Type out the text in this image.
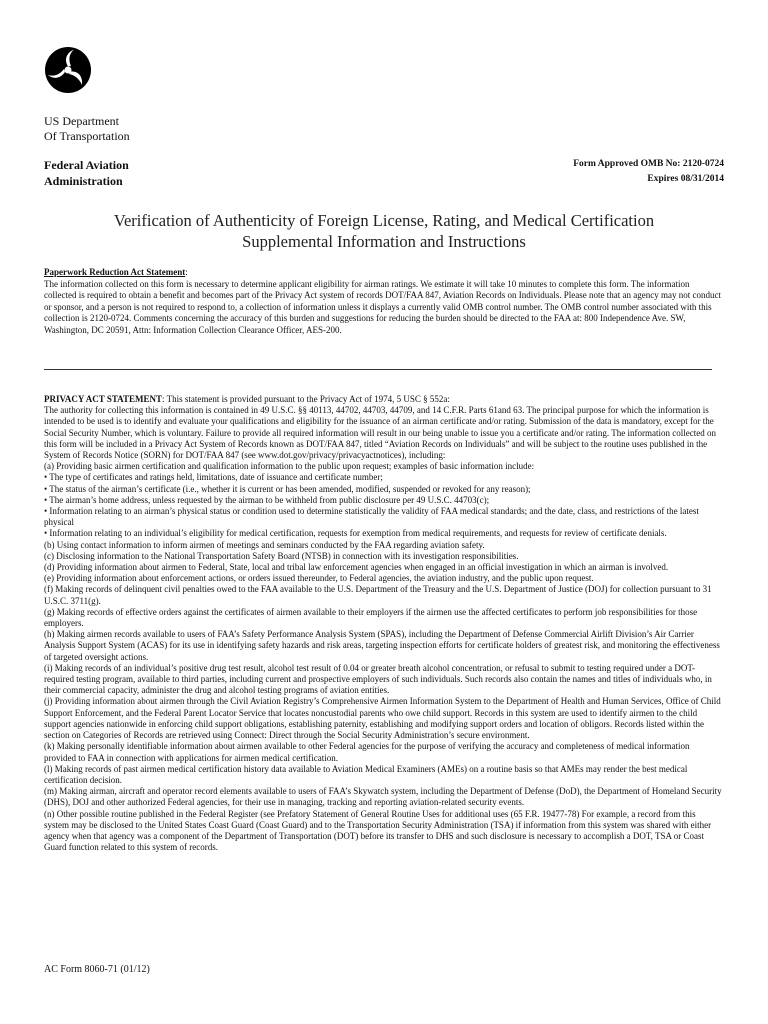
US Department
Of Transportation
Federal Aviation
Administration
Form Approved OMB No: 2120-0724
Expires 08/31/2014
Verification of Authenticity of Foreign License, Rating, and Medical Certification
Supplemental Information and Instructions
Paperwork Reduction Act Statement:
The information collected on this form is necessary to determine applicant eligibility for airman ratings. We estimate it will take 10 minutes to complete this form. The information collected is required to obtain a benefit and becomes part of the Privacy Act system of records DOT/FAA 847, Aviation Records on Individuals. Please note that an agency may not conduct or sponsor, and a person is not required to respond to, a collection of information unless it displays a currently valid OMB control number. The OMB control number associated with this collection is 2120-0724. Comments concerning the accuracy of this burden and suggestions for reducing the burden should be directed to the FAA at: 800 Independence Ave. SW, Washington, DC 20591, Attn: Information Collection Clearance Officer, AES-200.

PRIVACY ACT STATEMENT: This statement is provided pursuant to the Privacy Act of 1974, 5 USC § 552a:

The authority for collecting this information is contained in 49 U.S.C. §§ 40113, 44702, 44703, 44709, and 14 C.F.R. Parts 61and 63. The principal purpose for which the information is intended to be used is to identify and evaluate your qualifications and eligibility for the issuance of an airman certificate and/or rating. Submission of the data is mandatory, except for the Social Security Number, which is voluntary. Failure to provide all required information will result in our being unable to issue you a certificate and/or rating. The information collected on this form will be included in a Privacy Act System of Records known as DOT/FAA 847, titled “Aviation Records on Individuals” and will be subject to the routine uses published in the System of Records Notice (SORN) for DOT/FAA 847 (see www.dot.gov/privacy/privacyactnotices), including:

(a) Providing basic airmen certification and qualification information to the public upon request; examples of basic information include:

• The type of certificates and ratings held, limitations, date of issuance and certificate number;

• The status of the airman’s certificate (i.e., whether it is current or has been amended, modified, suspended or revoked for any reason);

• The airman’s home address, unless requested by the airman to be withheld from public disclosure per 49 U.S.C. 44703(c);

• Information relating to an airman’s physical status or condition used to determine statistically the validity of FAA medical standards; and the date, class, and restrictions of the latest physical

• Information relating to an individual’s eligibility for medical certification, requests for exemption from medical requirements, and requests for review of certificate denials.

(b) Using contact information to inform airmen of meetings and seminars conducted by the FAA regarding aviation safety.

(c) Disclosing information to the National Transportation Safety Board (NTSB) in connection with its investigation responsibilities.

(d) Providing information about airmen to Federal, State, local and tribal law enforcement agencies when engaged in an official investigation in which an airman is involved.

(e) Providing information about enforcement actions, or orders issued thereunder, to Federal agencies, the aviation industry, and the public upon request.

(f) Making records of delinquent civil penalties owed to the FAA available to the U.S. Department of the Treasury and the U.S. Department of Justice (DOJ) for collection pursuant to 31 U.S.C. 3711(g).

(g) Making records of effective orders against the certificates of airmen available to their employers if the airmen use the affected certificates to perform job responsibilities for those employers.

(h) Making airmen records available to users of FAA’s Safety Performance Analysis System (SPAS), including the Department of Defense Commercial Airlift Division’s Air Carrier Analysis Support System (ACAS) for its use in identifying safety hazards and risk areas, targeting inspection efforts for certificate holders of greatest risk, and monitoring the effectiveness of targeted oversight actions.

(i) Making records of an individual’s positive drug test result, alcohol test result of 0.04 or greater breath alcohol concentration, or refusal to submit to testing required under a DOT-required testing program, available to third parties, including current and prospective employers of such individuals. Such records also contain the names and titles of individuals who, in their commercial capacity, administer the drug and alcohol testing programs of aviation entities.

(j) Providing information about airmen through the Civil Aviation Registry’s Comprehensive Airmen Information System to the Department of Health and Human Services, Office of Child Support Enforcement, and the Federal Parent Locator Service that locates noncustodial parents who owe child support. Records in this system are used to identify airmen to the child support agencies nationwide in enforcing child support obligations, establishing paternity, establishing and modifying support orders and location of obligors. Records listed within the section on Categories of Records are retrieved using Connect: Direct through the Social Security Administration’s secure environment.

(k) Making personally identifiable information about airmen available to other Federal agencies for the purpose of verifying the accuracy and completeness of medical information provided to FAA in connection with applications for airmen medical certification.

(l) Making records of past airmen medical certification history data available to Aviation Medical Examiners (AMEs) on a routine basis so that AMEs may render the best medical certification decision.

(m) Making airman, aircraft and operator record elements available to users of FAA’s Skywatch system, including the Department of Defense (DoD), the Department of Homeland Security (DHS), DOJ and other authorized Federal agencies, for their use in managing, tracking and reporting aviation-related security events.

(n) Other possible routine published in the Federal Register (see Prefatory Statement of General Routine Uses for additional uses (65 F.R. 19477-78) For example, a record from this system may be disclosed to the United States Coast Guard (Coast Guard) and to the Transportation Security Administration (TSA) if information from this system was shared with either agency when that agency was a component of the Department of Transportation (DOT) before its transfer to DHS and such disclosure is necessary to accomplish a DOT, TSA or Coast Guard function related to this system of records.

AC Form 8060-71 (01/12)
